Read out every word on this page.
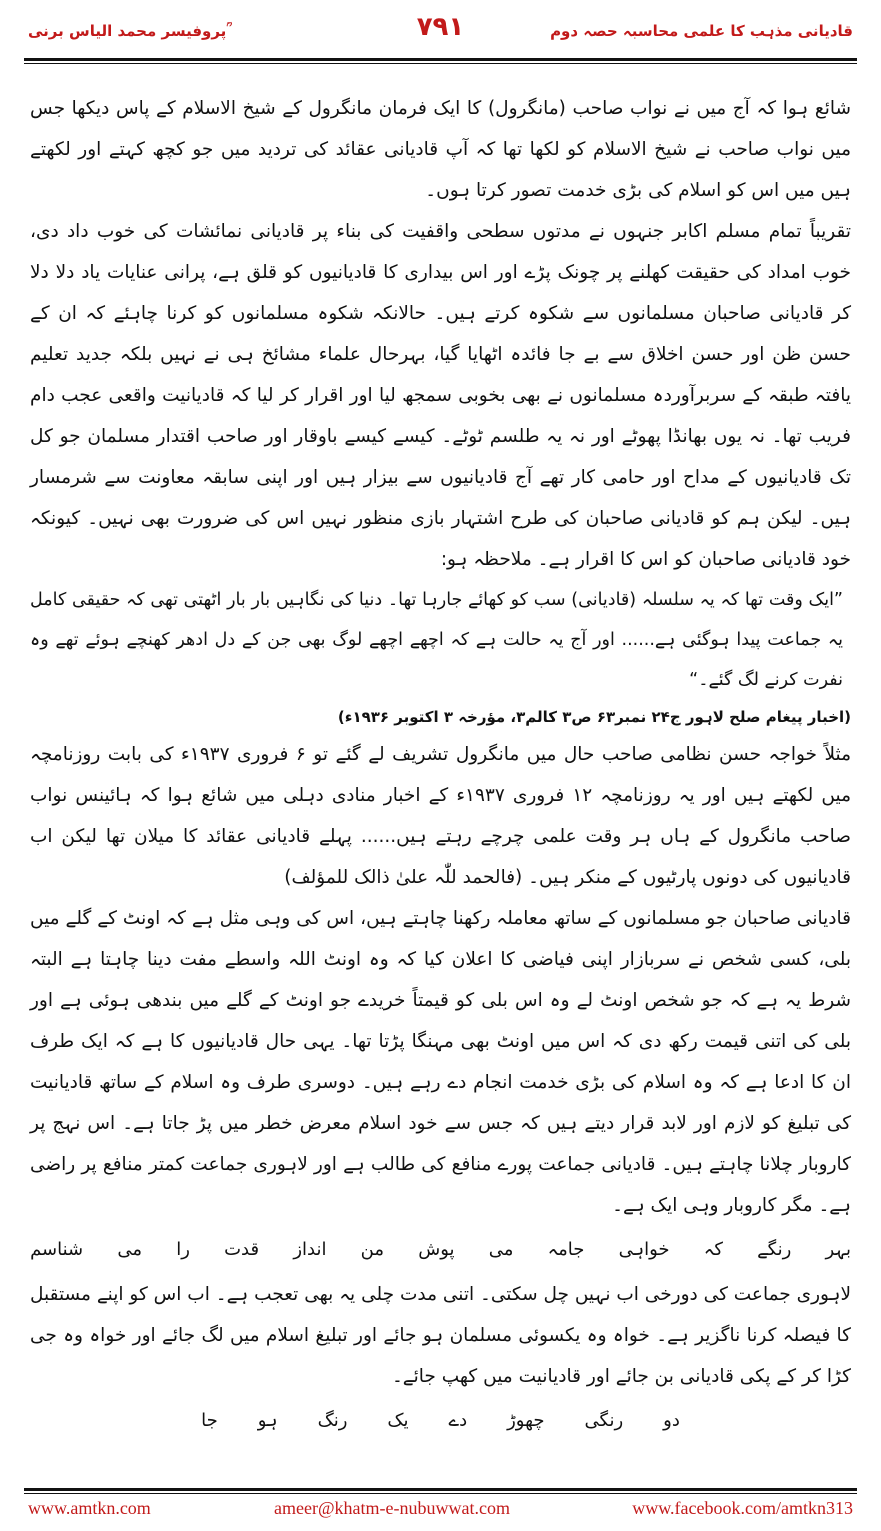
پروفیسر محمد الیاس برنی ؒ	۷۹۱	قادیانی مذہب کا علمی محاسبہ حصہ دوم

شائع ہوا کہ آج میں نے نواب صاحب (مانگرول) کا ایک فرمان مانگرول کے شیخ الاسلام کے پاس دیکھا جس میں نواب صاحب نے شیخ الاسلام کو لکھا تھا کہ آپ قادیانی عقائد کی تردید میں جو کچھ کہتے اور لکھتے ہیں میں اس کو اسلام کی بڑی خدمت تصور کرتا ہوں۔

تقریباً تمام مسلم اکابر جنہوں نے مدتوں سطحی واقفیت کی بناء پر قادیانی نمائشات کی خوب داد دی، خوب امداد کی حقیقت کھلنے پر چونک پڑے اور اس بیداری کا قادیانیوں کو قلق ہے، پرانی عنایات یاد دلا دلا کر قادیانی صاحبان مسلمانوں سے شکوہ کرتے ہیں۔ حالانکہ شکوہ مسلمانوں کو کرنا چاہئے کہ ان کے حسن ظن اور حسن اخلاق سے بے جا فائدہ اٹھایا گیا، بہرحال علماء مشائخ ہی نے نہیں بلکہ جدید تعلیم یافتہ طبقہ کے سربرآوردہ مسلمانوں نے بھی بخوبی سمجھ لیا اور اقرار کر لیا کہ قادیانیت واقعی عجب دام فریب تھا۔ نہ یوں بھانڈا پھوٹے اور نہ یہ طلسم ٹوٹے۔ کیسے کیسے باوقار اور صاحب اقتدار مسلمان جو کل تک قادیانیوں کے مداح اور حامی کار تھے آج قادیانیوں سے بیزار ہیں اور اپنی سابقہ معاونت سے شرمسار ہیں۔ لیکن ہم کو قادیانی صاحبان کی طرح اشتہار بازی منظور نہیں اس کی ضرورت بھی نہیں۔ کیونکہ خود قادیانی صاحبان کو اس کا اقرار ہے۔ ملاحظہ ہو:

”ایک وقت تھا کہ یہ سلسلہ (قادیانی) سب کو کھائے جارہا تھا۔ دنیا کی نگاہیں بار بار اٹھتی تھی کہ حقیقی کامل یہ جماعت پیدا ہوگئی ہے...... اور آج یہ حالت ہے کہ اچھے اچھے لوگ بھی جن کے دل ادھر کھنچے ہوئے تھے وہ نفرت کرنے لگ گئے۔“

(اخبار پیغام صلح لاہور ج۲۴ نمبر۶۳ ص۳ کالم۳، مؤرخہ ۳ اکتوبر ۱۹۳۶ء)

مثلاً خواجہ حسن نظامی صاحب حال میں مانگرول تشریف لے گئے تو ۶ فروری ۱۹۳۷ء کی بابت روزنامچہ میں لکھتے ہیں اور یہ روزنامچہ ۱۲ فروری ۱۹۳۷ء کے اخبار منادی دہلی میں شائع ہوا کہ ہائینس نواب صاحب مانگرول کے ہاں ہر وقت علمی چرچے رہتے ہیں...... پہلے قادیانی عقائد کا میلان تھا لیکن اب قادیانیوں کی دونوں پارٹیوں کے منکر ہیں۔ (فالحمد للّٰہ علیٰ ذالک للمؤلف)

قادیانی صاحبان جو مسلمانوں کے ساتھ معاملہ رکھنا چاہتے ہیں، اس کی وہی مثل ہے کہ اونٹ کے گلے میں بلی، کسی شخص نے سربازار اپنی فیاضی کا اعلان کیا کہ وہ اونٹ اللہ واسطے مفت دینا چاہتا ہے البتہ شرط یہ ہے کہ جو شخص اونٹ لے وہ اس بلی کو قیمتاً خریدے جو اونٹ کے گلے میں بندھی ہوئی ہے اور بلی کی اتنی قیمت رکھ دی کہ اس میں اونٹ بھی مہنگا پڑتا تھا۔ یہی حال قادیانیوں کا ہے کہ ایک طرف ان کا ادعا ہے کہ وہ اسلام کی بڑی خدمت انجام دے رہے ہیں۔ دوسری طرف وہ اسلام کے ساتھ قادیانیت کی تبلیغ کو لازم اور لابد قرار دیتے ہیں کہ جس سے خود اسلام معرض خطر میں پڑ جاتا ہے۔ اس نہج پر کاروبار چلانا چاہتے ہیں۔ قادیانی جماعت پورے منافع کی طالب ہے اور لاہوری جماعت کمتر منافع پر راضی ہے۔ مگر کاروبار وہی ایک ہے۔

بہر
رنگے
کہ
خواہی
جامہ
می
پوش
من
انداز
قدت
را
می
شناسم

لاہوری جماعت کی دورخی اب نہیں چل سکتی۔ اتنی مدت چلی یہ بھی تعجب ہے۔ اب اس کو اپنے مستقبل کا فیصلہ کرنا ناگزیر ہے۔ خواہ وہ یکسوئی مسلمان ہو جائے اور تبلیغ اسلام میں لگ جائے اور خواہ وہ جی کڑا کر کے پکی قادیانی بن جائے اور قادیانیت میں کھپ جائے۔

دو
رنگی
چھوڑ
دے
یک
رنگ
ہو
جا
www.amtkn.com	ameer@khatm-e-nubuwwat.com	www.facebook.com/amtkn313
